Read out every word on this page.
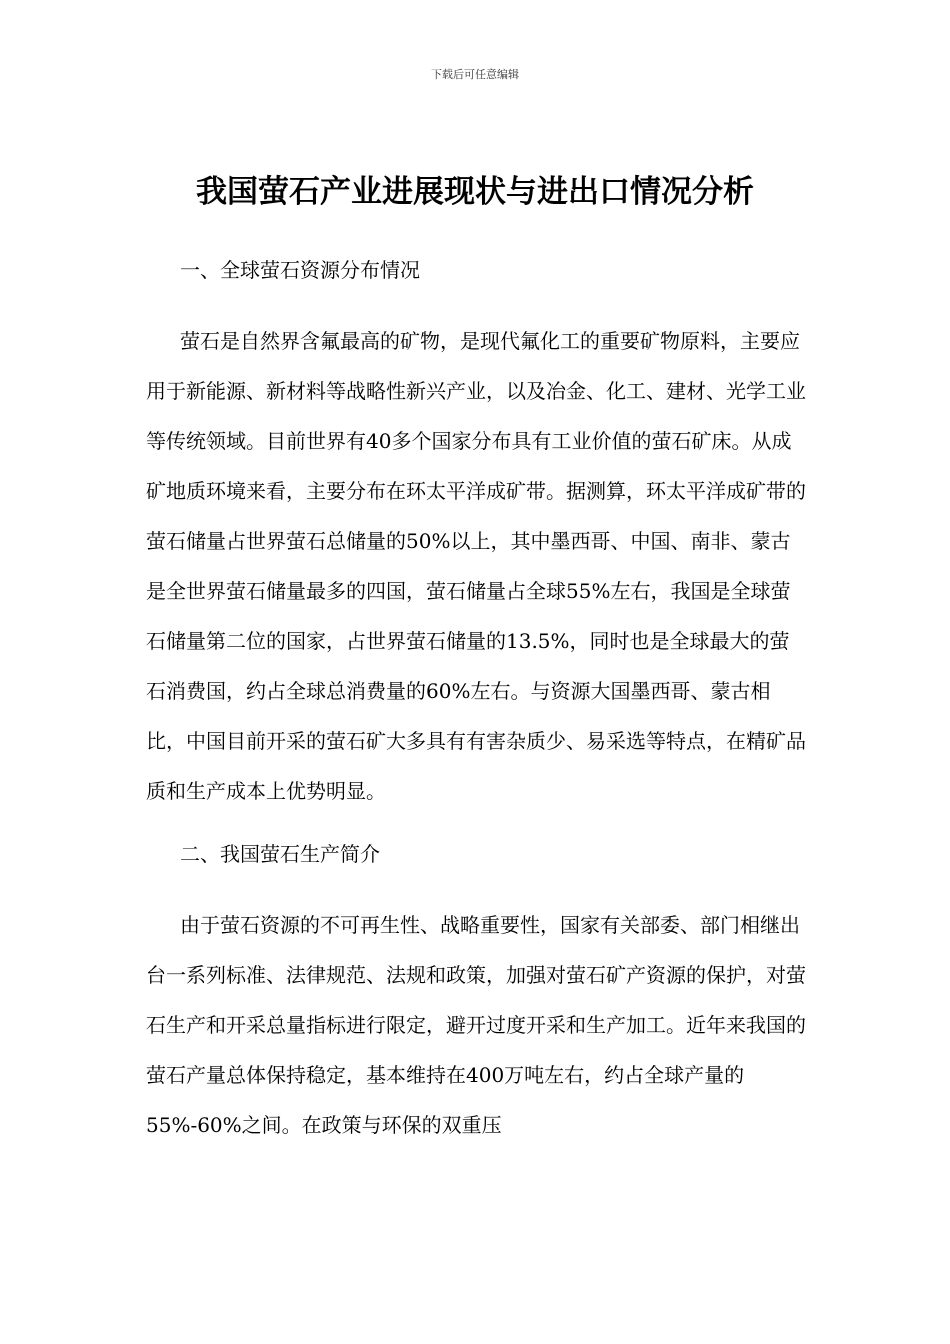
下载后可任意编辑
我国萤石产业进展现状与进出口情况分析
一、全球萤石资源分布情况
萤石是自然界含氟最高的矿物，是现代氟化工的重要矿物原料，主要应用于新能源、新材料等战略性新兴产业，以及冶金、化工、建材、光学工业等传统领域。目前世界有40多个国家分布具有工业价值的萤石矿床。从成矿地质环境来看，主要分布在环太平洋成矿带。据测算，环太平洋成矿带的萤石储量占世界萤石总储量的50%以上，其中墨西哥、中国、南非、蒙古是全世界萤石储量最多的四国，萤石储量占全球55%左右，我国是全球萤石储量第二位的国家，占世界萤石储量的13.5%，同时也是全球最大的萤石消费国，约占全球总消费量的60%左右。与资源大国墨西哥、蒙古相比，中国目前开采的萤石矿大多具有有害杂质少、易采选等特点，在精矿品质和生产成本上优势明显。
二、我国萤石生产简介
由于萤石资源的不可再生性、战略重要性，国家有关部委、部门相继出台一系列标准、法律规范、法规和政策，加强对萤石矿产资源的保护，对萤石生产和开采总量指标进行限定，避开过度开采和生产加工。近年来我国的萤石产量总体保持稳定，基本维持在400万吨左右，约占全球产量的55%-60%之间。在政策与环保的双重压
